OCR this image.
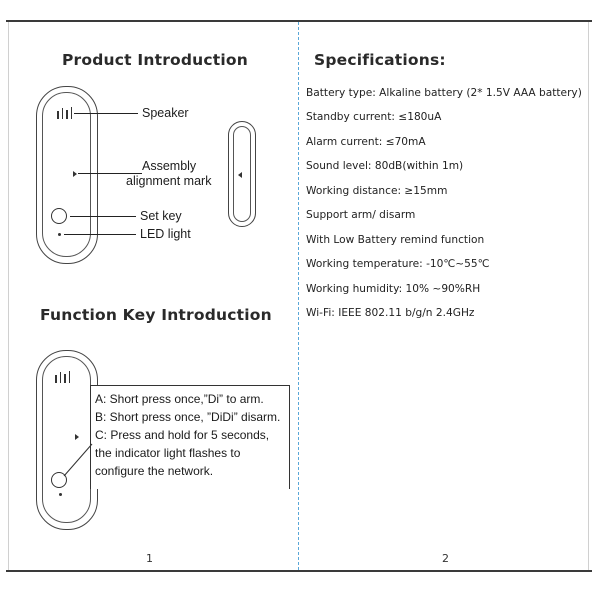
Product Introduction
Speaker
Assembly
alignment mark
Set key
LED light
Function Key Introduction
A: Short press once,”Di” to arm.
B: Short press once, ”DiDi” disarm.
C: Press and hold for 5 seconds,
the indicator light flashes to
configure the network.
1
Specifications:
Battery type: Alkaline battery (2* 1.5V AAA battery)
Standby current: ≤180uA
Alarm current: ≤70mA
Sound level: 80dB(within 1m)
Working distance: ≥15mm
Support arm/ disarm
With Low Battery remind function
Working temperature: -10℃~55℃
Working humidity: 10% ~90%RH
Wi-Fi: IEEE 802.11 b/g/n 2.4GHz
2
